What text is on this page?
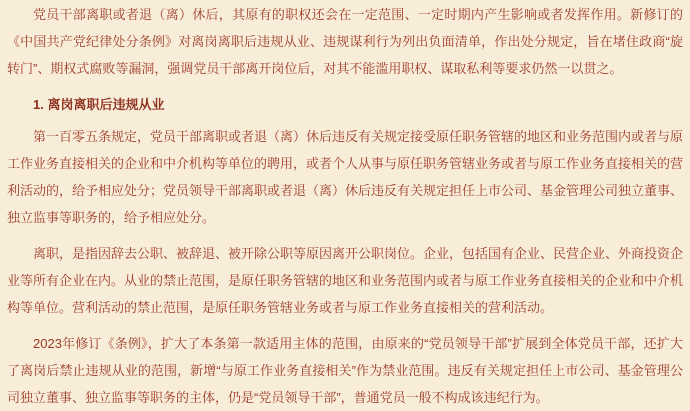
党员干部离职或者退（离）休后，其原有的职权还会在一定范围、一定时期内产生影响或者发挥作用。新修订的《中国共产党纪律处分条例》对离岗离职后违规从业、违规谋利行为列出负面清单，作出处分规定，旨在堵住政商“旋转门”、期权式腐败等漏洞，强调党员干部离开岗位后，对其不能滥用职权、谋取私利等要求仍然一以贯之。

1. 离岗离职后违规从业

第一百零五条规定，党员干部离职或者退（离）休后违反有关规定接受原任职务管辖的地区和业务范围内或者与原工作业务直接相关的企业和中介机构等单位的聘用，或者个人从事与原任职务管辖业务或者与原工作业务直接相关的营利活动的，给予相应处分；党员领导干部离职或者退（离）休后违反有关规定担任上市公司、基金管理公司独立董事、独立监事等职务的，给予相应处分。

离职，是指因辞去公职、被辞退、被开除公职等原因离开公职岗位。企业，包括国有企业、民营企业、外商投资企业等所有企业在内。从业的禁止范围，是原任职务管辖的地区和业务范围内或者与原工作业务直接相关的企业和中介机构等单位。营利活动的禁止范围，是原任职务管辖业务或者与原工作业务直接相关的营利活动。

2023年修订《条例》，扩大了本条第一款适用主体的范围，由原来的“党员领导干部”扩展到全体党员干部，还扩大了离岗后禁止违规从业的范围，新增“与原工作业务直接相关”作为禁业范围。违反有关规定担任上市公司、基金管理公司独立董事、独立监事等职务的主体，仍是“党员领导干部”，普通党员一般不构成该违纪行为。
